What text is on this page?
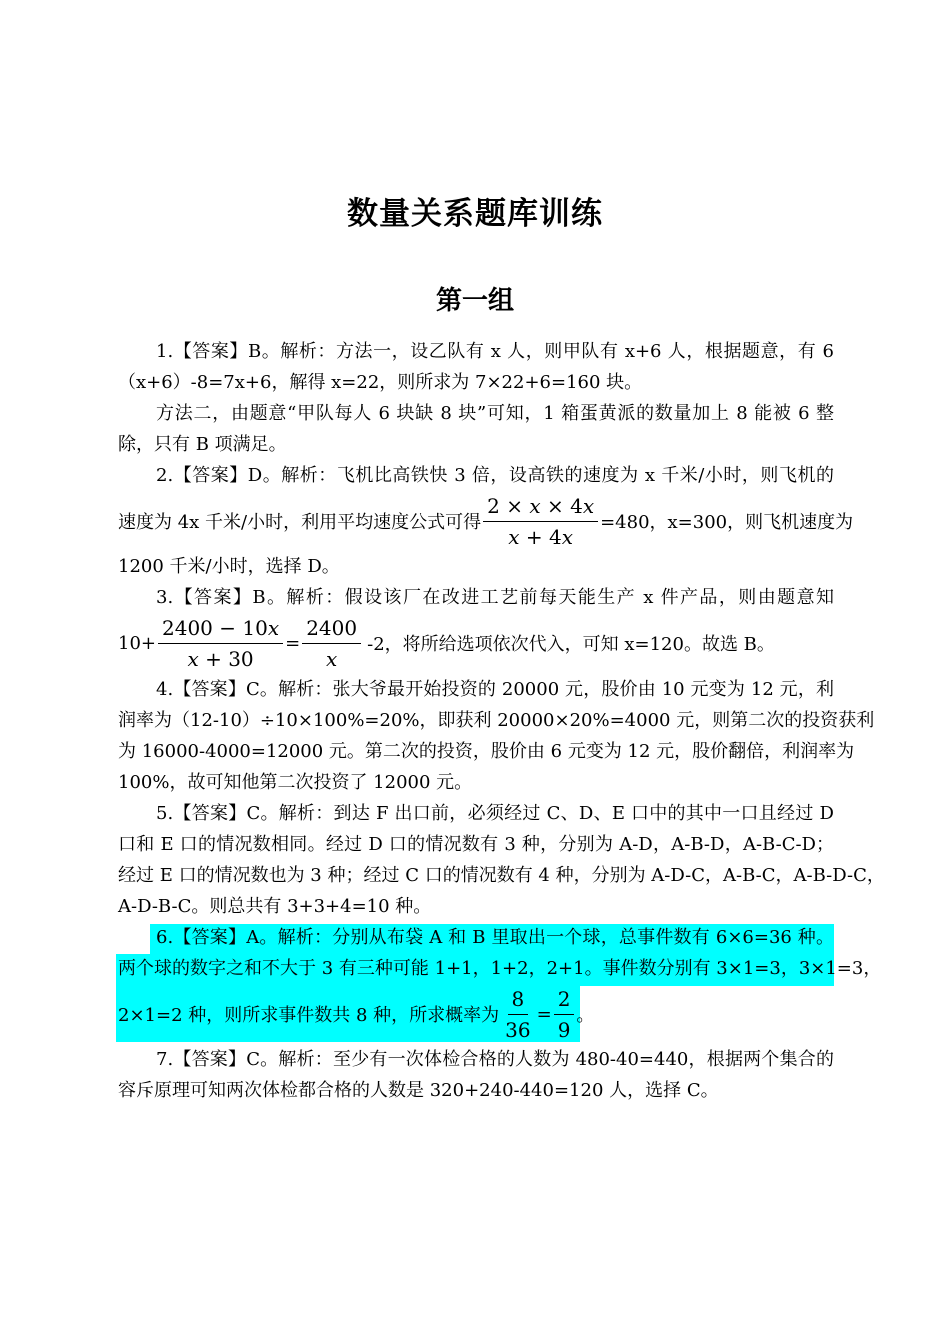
数量关系题库训练
第一组
1.【答案】B。解析：方法一，设乙队有 x 人，则甲队有 x+6 人，根据题意，有 6
（x+6）-8=7x+6，解得 x=22，则所求为 7×22+6=160 块。
方法二，由题意“甲队每人 6 块缺 8 块”可知，1 箱蛋黄派的数量加上 8 能被 6 整
除，只有 B 项满足。
2.【答案】D。解析：飞机比高铁快 3 倍，设高铁的速度为 x 千米/小时，则飞机的
速度为 4x 千米/小时，利用平均速度公式可得 $\frac{2 \times x \times 4x}{x + 4x} =480$，x=300，则飞机速度为
1200 千米/小时，选择 D。
3.【答案】B。解析：假设该厂在改进工艺前每天能生产 x 件产品，则由题意知
$10+ \frac{2400 - 10x}{x + 30} = \frac{2400}{x} -2$，将所给选项依次代入，可知 x=120。故选 B。
4.【答案】C。解析：张大爷最开始投资的 20000 元，股价由 10 元变为 12 元，利
润率为（12-10）÷10×100%=20%，即获利 20000×20%=4000 元，则第二次的投资获利
为 16000-4000=12000 元。第二次的投资，股价由 6 元变为 12 元，股价翻倍，利润率为
100%，故可知他第二次投资了 12000 元。
5.【答案】C。解析：到达 F 出口前，必须经过 C、D、E 口中的其中一口且经过 D
口和 E 口的情况数相同。经过 D 口的情况数有 3 种，分别为 A-D，A-B-D，A-B-C-D；
经过 E 口的情况数也为 3 种；经过 C 口的情况数有 4 种，分别为 A-D-C，A-B-C，A-B-D-C，
A-D-B-C。则总共有 3+3+4=10 种。
6.【答案】A。解析：分别从布袋 A 和 B 里取出一个球，总事件数有 6×6=36 种。
两个球的数字之和不大于 3 有三种可能 1+1，1+2，2+1。事件数分别有 3×1=3，3×1=3，
2×1=2 种，则所求事件数共 8 种，所求概率为 $\frac{8}{36} = \frac{2}{9}$ 。
7.【答案】C。解析：至少有一次体检合格的人数为 480-40=440，根据两个集合的
容斥原理可知两次体检都合格的人数是 320+240-440=120 人，选择 C。
